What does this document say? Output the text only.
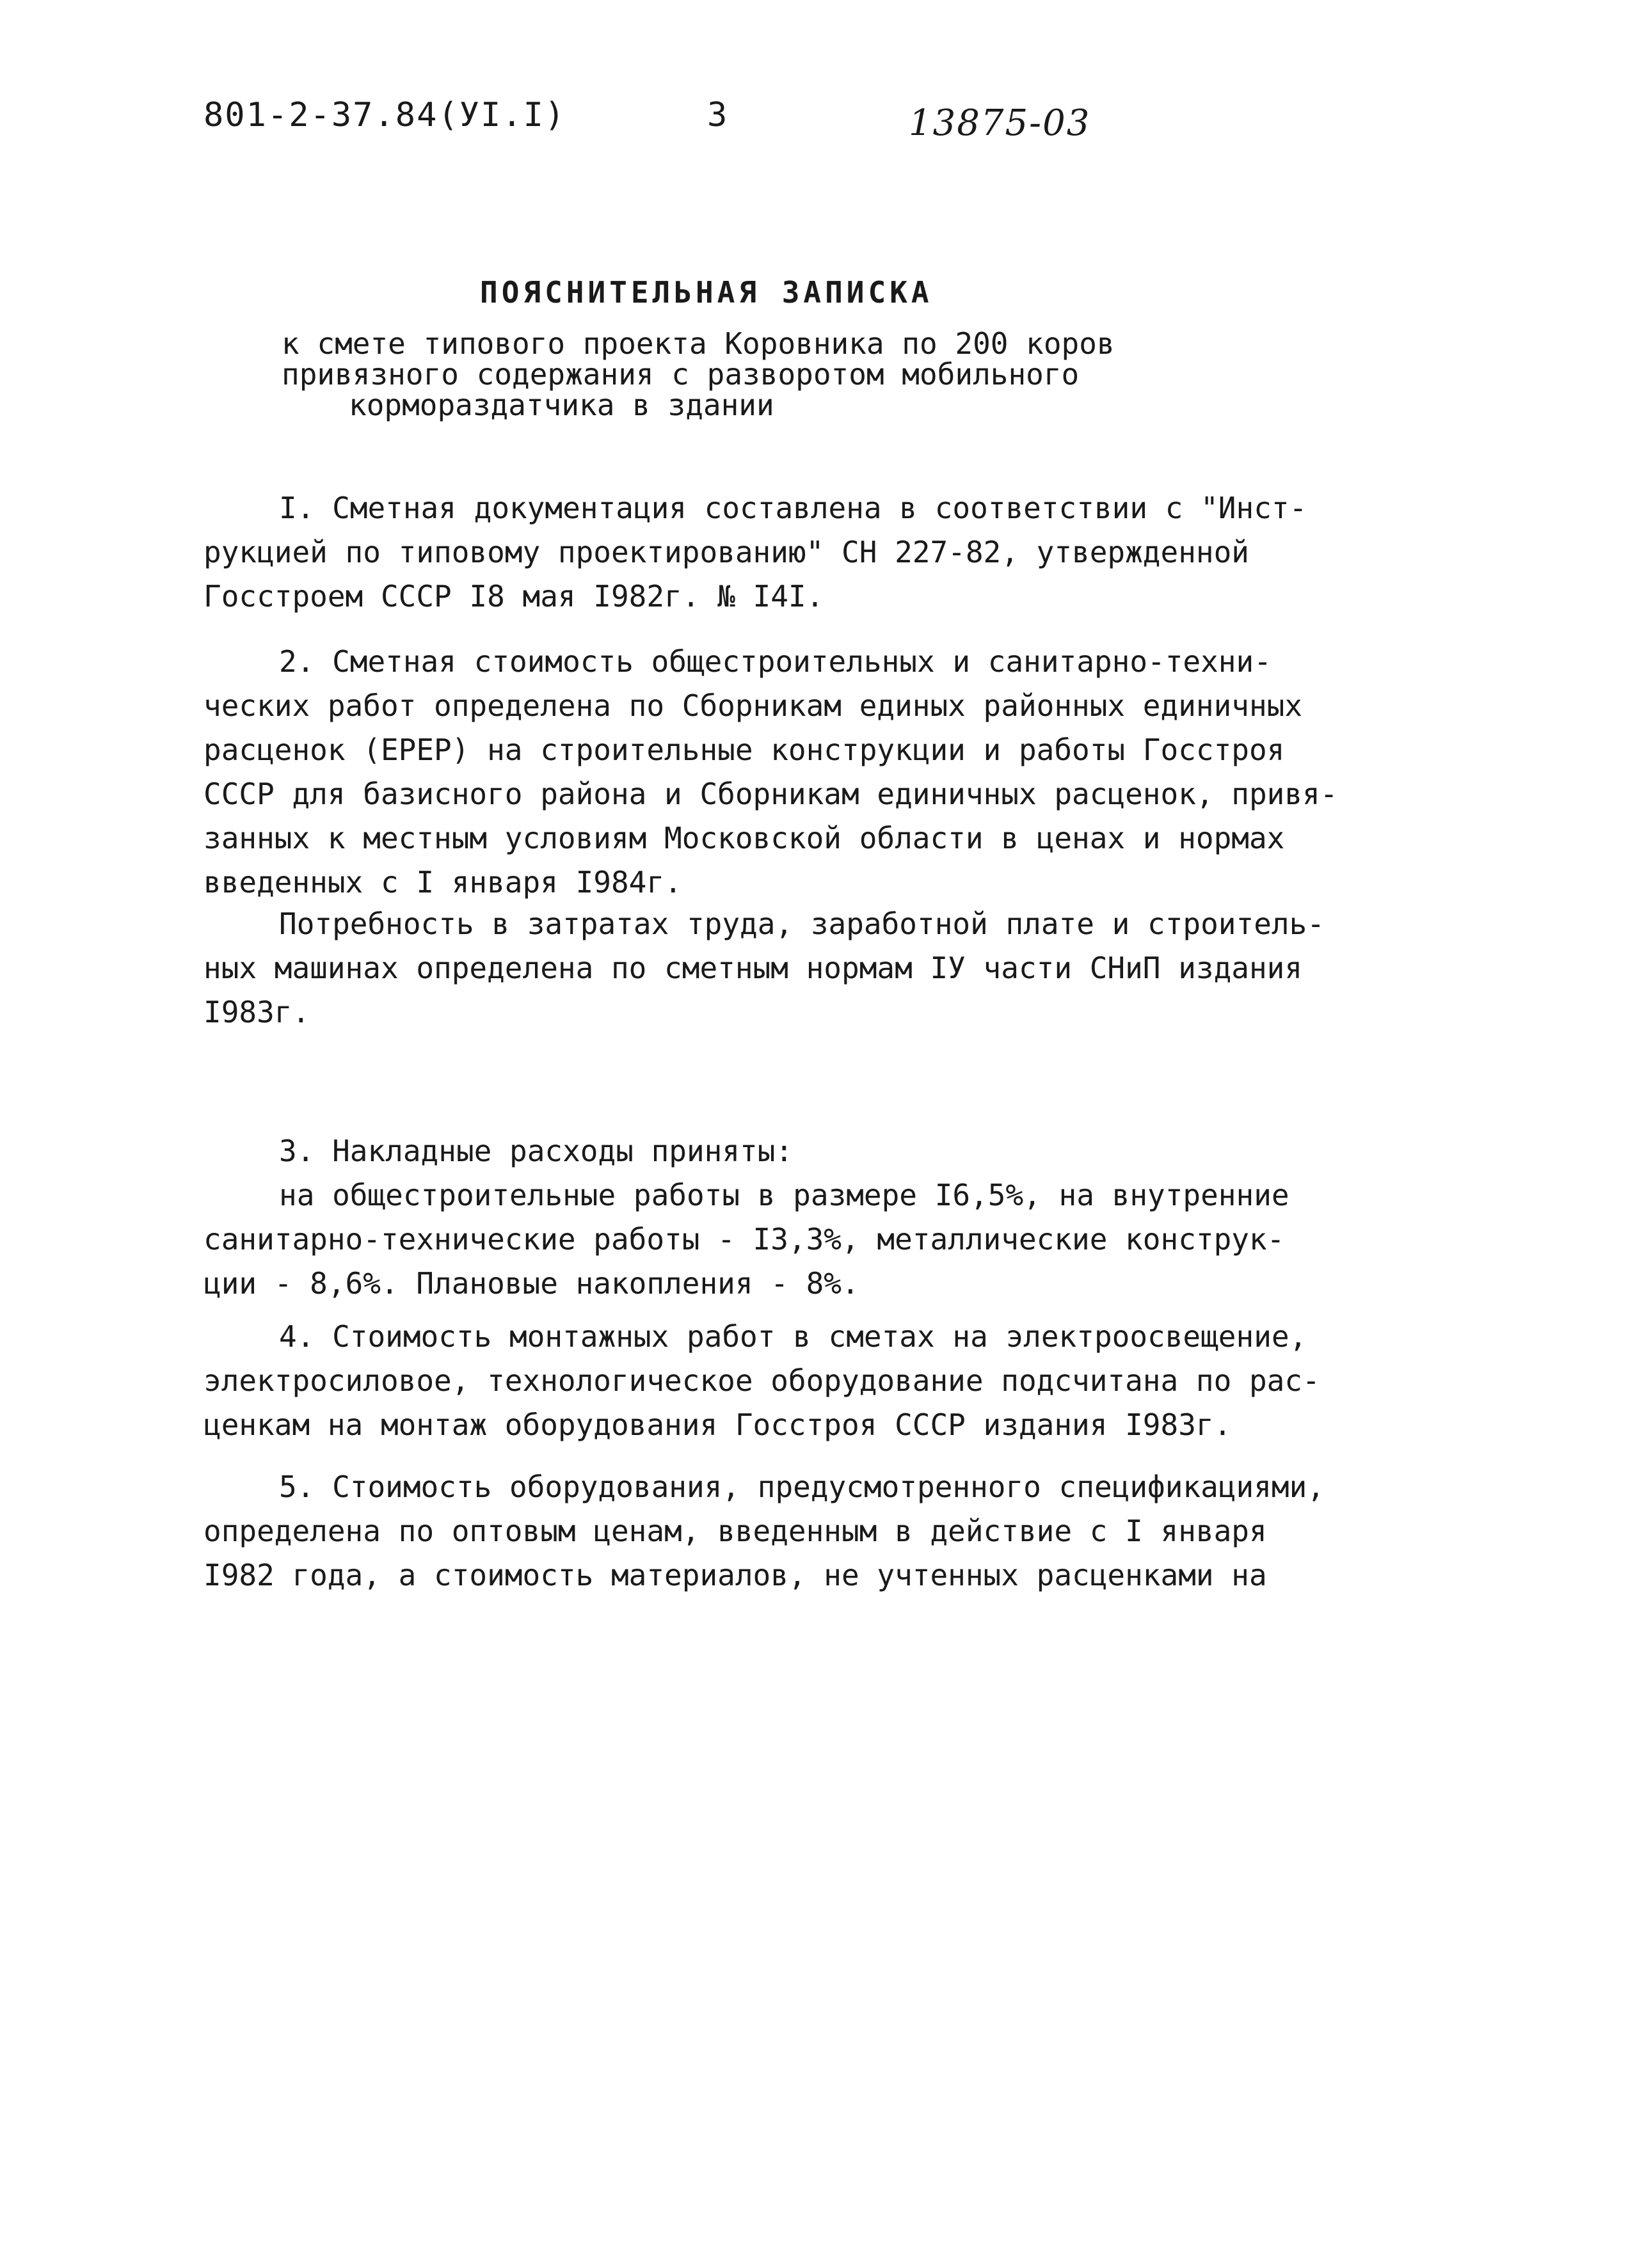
801-2-37.84(УI.I)	3	13875-03
ПОЯСНИТЕЛЬНАЯ ЗАПИСКА
к смете типового проекта Коровника по 200 коров
привязного содержания с разворотом мобильного
кормораздатчика в здании
I. Сметная документация составлена в соответствии с "Инст-
рукцией по типовому проектированию" СН 227-82, утвержденной
Госстроем СССР I8 мая I982г. № I4I.
2. Сметная стоимость общестроительных и санитарно-техни-
ческих работ определена по Сборникам единых районных единичных
расценок (ЕРЕР) на строительные конструкции и работы Госстроя
СССР для базисного района и Сборникам единичных расценок, привя-
занных к местным условиям Московской области в ценах и нормах
введенных с I января I984г.
Потребность в затратах труда, заработной плате и строитель-
ных машинах определена по сметным нормам IУ части СНиП издания
I983г.
3. Накладные расходы приняты:
на общестроительные работы в размере I6,5%, на внутренние
санитарно-технические работы - I3,3%, металлические конструк-
ции - 8,6%. Плановые накопления - 8%.
4. Стоимость монтажных работ в сметах на электроосвещение,
электросиловое, технологическое оборудование подсчитана по рас-
ценкам на монтаж оборудования Госстроя СССР издания I983г.
5. Стоимость оборудования, предусмотренного спецификациями,
определена по оптовым ценам, введенным в действие с I января
I982 года, а стоимость материалов, не учтенных расценками на
